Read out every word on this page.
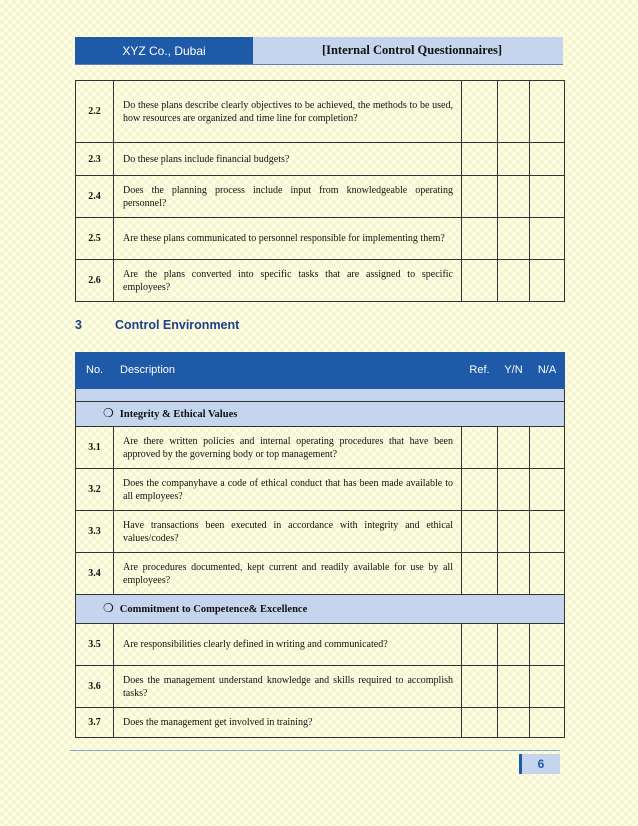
XYZ Co., Dubai	[Internal Control Questionnaires]
2.2	Do these plans describe clearly objectives to be achieved, the methods to be used, how resources are organized and time line for completion?			
2.3	Do these plans include financial budgets?			
2.4	Does the planning process include input from knowledgeable operating personnel?			
2.5	Are these plans communicated to personnel responsible for implementing them?			
2.6	Are the plans converted into specific tasks that are assigned to specific employees?			
3	Control Environment
No.	Description	Ref.	Y/N	N/A

❍ Integrity & Ethical Values				
3.1	Are there written policies and internal operating procedures that have been approved by the governing body or top management?			
3.2	Does the companyhave a code of ethical conduct that has been made available to all employees?			
3.3	Have transactions been executed in accordance with integrity and ethical values/codes?			
3.4	Are procedures documented, kept current and readily available for use by all employees?			
❍ Commitment to Competence& Excellence				
3.5	Are responsibilities clearly defined in writing and communicated?			
3.6	Does the management understand knowledge and skills required to accomplish tasks?			
3.7	Does the management get involved in training?			
6
